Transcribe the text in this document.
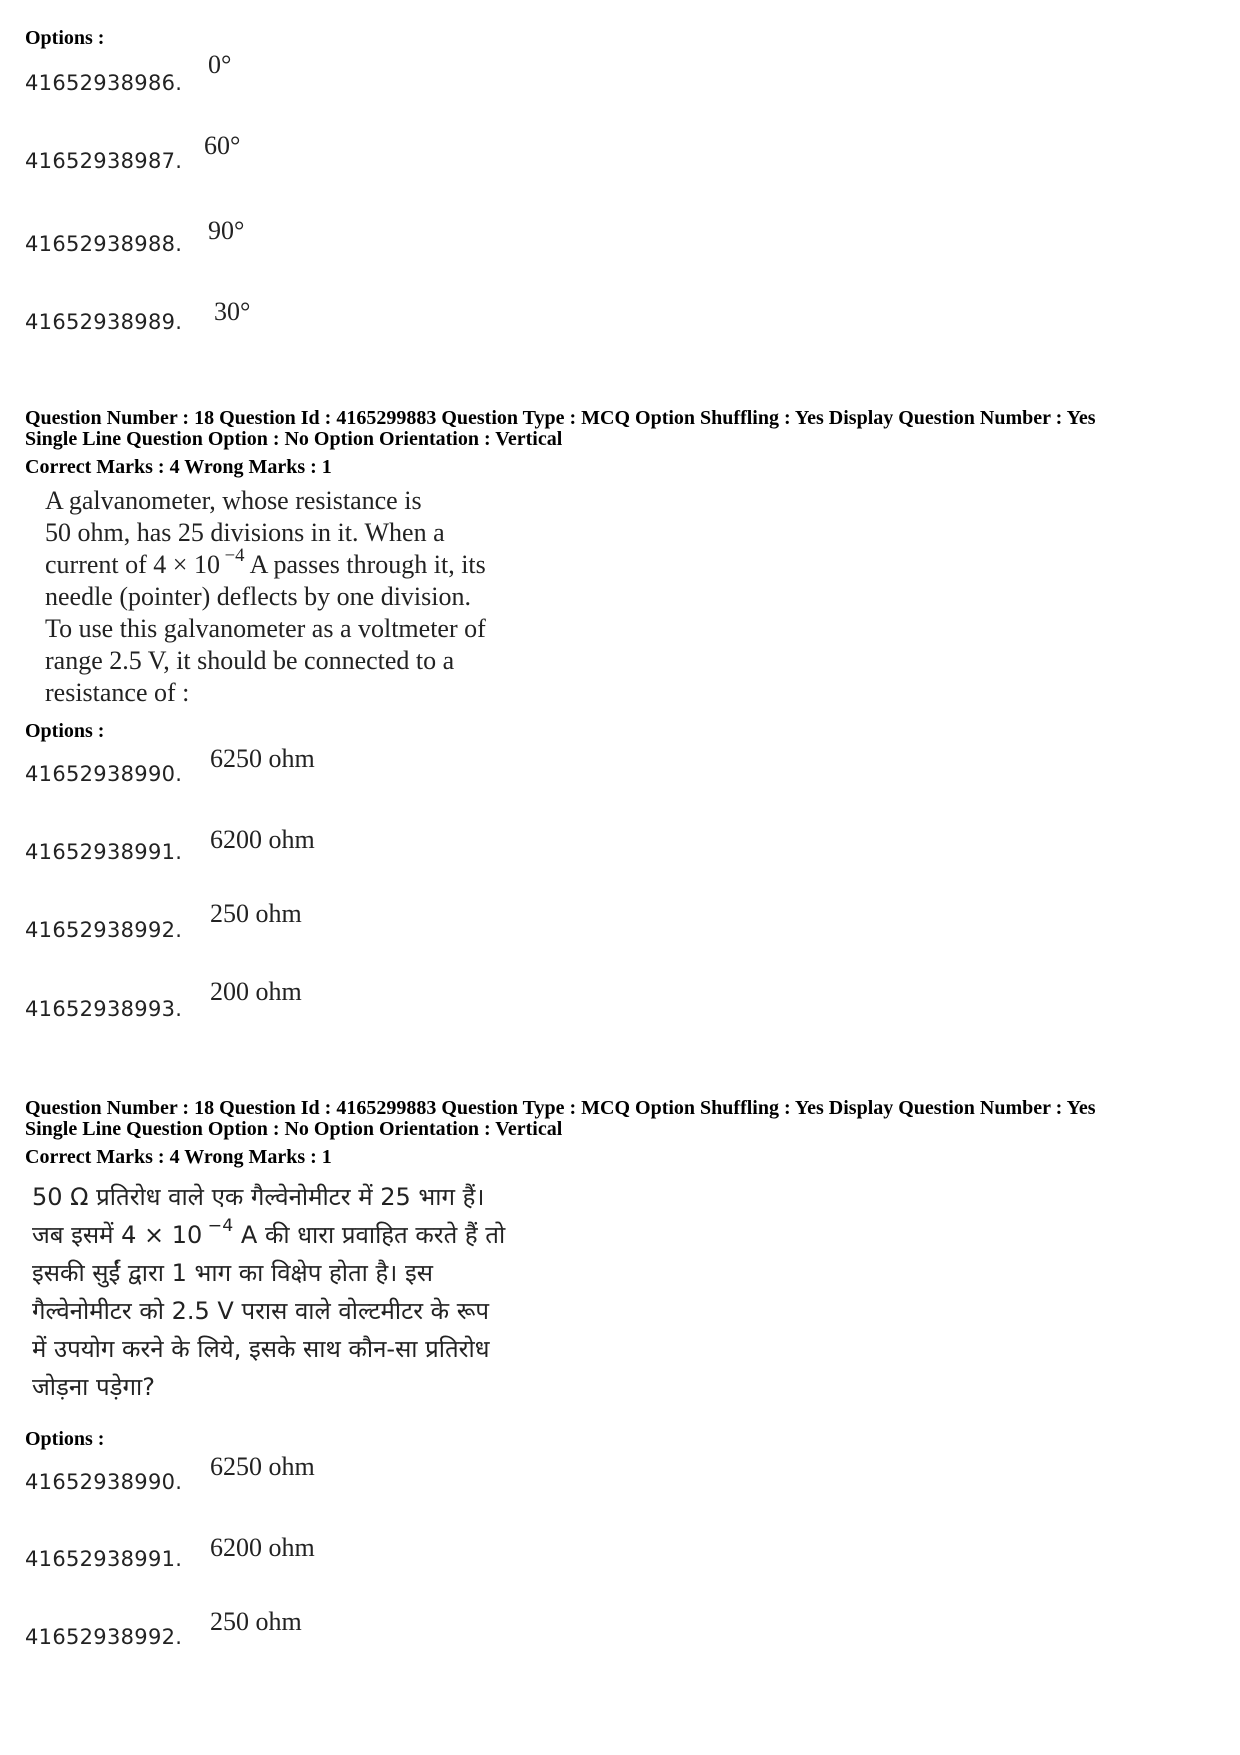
Options :
41652938986.
0°
41652938987.
60°
41652938988. 90°
41652938989. 30°
Question Number : 18 Question Id : 4165299883 Question Type : MCQ Option Shuffling : Yes Display Question Number : Yes
Single Line Question Option : No Option Orientation : Vertical
Correct Marks : 4 Wrong Marks : 1
A galvanometer, whose resistance is
50 ohm, has 25 divisions in it. When a
current of 4 × 10 $^{-4}$ A passes through it, its
needle (pointer) deflects by one division.
To use this galvanometer as a voltmeter of
range 2.5 V, it should be connected to a
resistance of :
Options :
41652938990.
6250 ohm
41652938991. 6200 ohm
41652938992.
250 ohm
41652938993.
200 ohm
Question Number : 18 Question Id : 4165299883 Question Type : MCQ Option Shuffling : Yes Display Question Number : Yes
Single Line Question Option : No Option Orientation : Vertical
Correct Marks : 4 Wrong Marks : 1
50 Ω प्रतिरोध वाले एक गैल्वेनोमीटर में 25 भाग हैं।
जब इसमें 4 × 10 $^{-4}$ A की धारा प्रवाहित करते हैं तो
इसकी सुईं द्वारा 1 भाग का विक्षेप होता है। इस
गैल्वेनोमीटर को 2.5 V परास वाले वोल्टमीटर के रूप
में उपयोग करने के लिये, इसके साथ कौन-सा प्रतिरोध
जोड़ना पड़ेगा?
Options :
41652938990.
6250 ohm
41652938991. 6200 ohm
41652938992.
250 ohm
